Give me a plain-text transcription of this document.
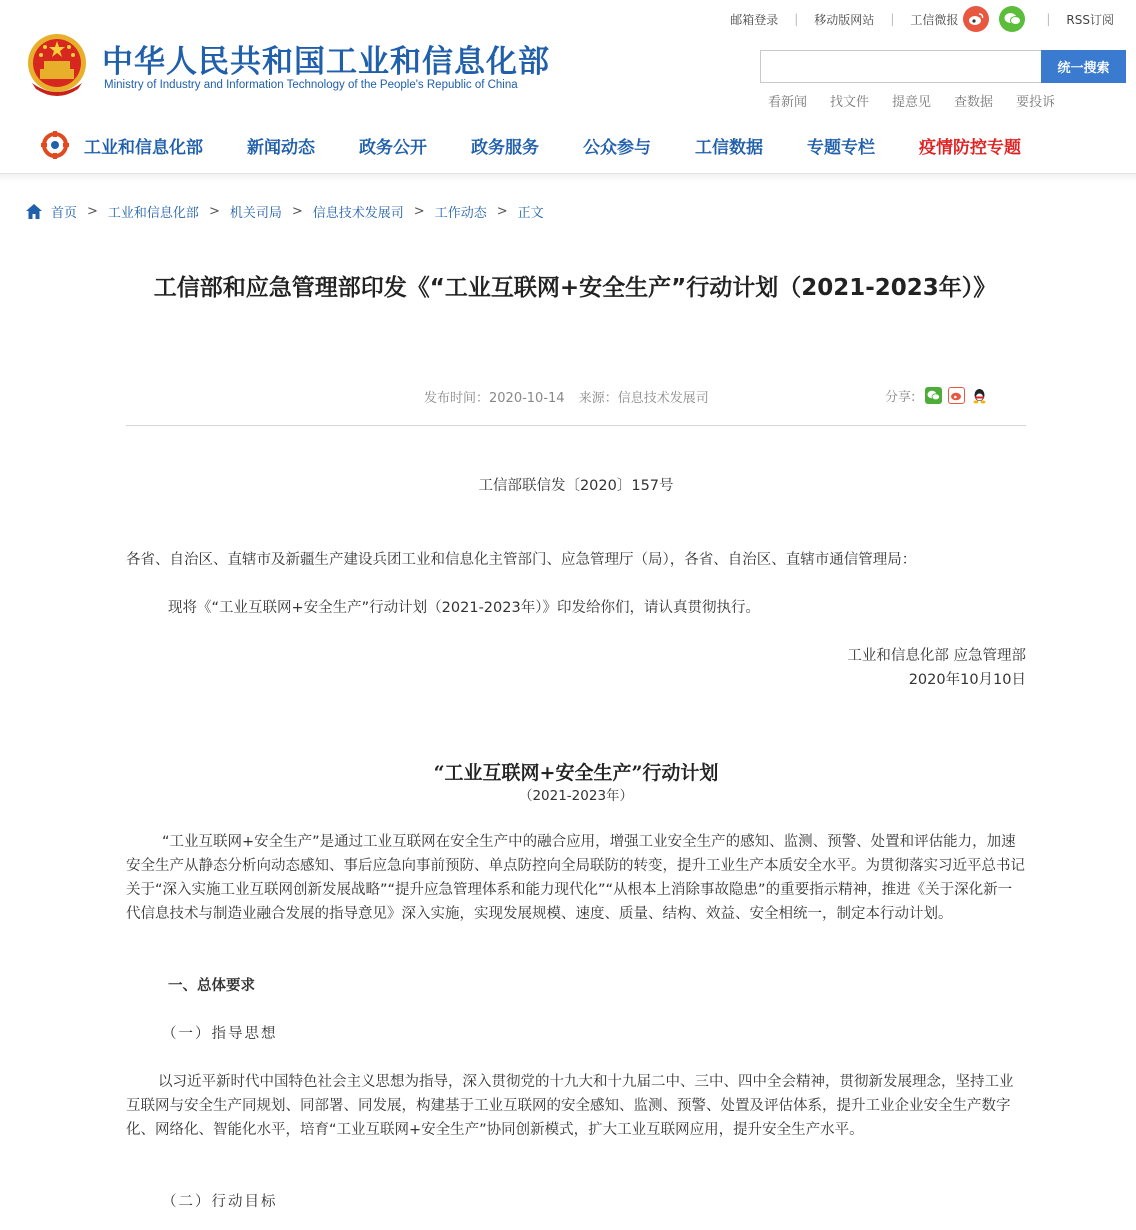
中华人民共和国工业和信息化部
Ministry of Industry and Information Technology of the People's Republic of China
邮箱登录 | 移动版网站 | 工信微报	| RSS订阅
统一搜索
看新闻 找文件 提意见 查数据 要投诉
工业和信息化部	新闻动态	政务公开	政务服务	公众参与	工信数据	专题专栏	疫情防控专题
首页 > 工业和信息化部 > 机关司局 > 信息技术发展司 > 工作动态 > 正文
工信部和应急管理部印发《“工业互联网+安全生产”行动计划（2021-2023年）》
发布时间：2020-10-14 来源：信息技术发展司	分享:
工信部联信发〔2020〕157号
各省、自治区、直辖市及新疆生产建设兵团工业和信息化主管部门、应急管理厅（局），各省、自治区、直辖市通信管理局：
现将《“工业互联网+安全生产”行动计划（2021-2023年）》印发给你们，请认真贯彻执行。
工业和信息化部 应急管理部
2020年10月10日
“工业互联网+安全生产”行动计划
（2021-2023年）
“工业互联网+安全生产”是通过工业互联网在安全生产中的融合应用，增强工业安全生产的感知、监测、预警、处置和评估能力，加速安全生产从静态分析向动态感知、事后应急向事前预防、单点防控向全局联防的转变，提升工业生产本质安全水平。为贯彻落实习近平总书记关于“深入实施工业互联网创新发展战略”“提升应急管理体系和能力现代化”“从根本上消除事故隐患”的重要指示精神，推进《关于深化新一代信息技术与制造业融合发展的指导意见》深入实施，实现发展规模、速度、质量、结构、效益、安全相统一，制定本行动计划。
一、总体要求
（一）指导思想
以习近平新时代中国特色社会主义思想为指导，深入贯彻党的十九大和十九届二中、三中、四中全会精神，贯彻新发展理念，坚持工业互联网与安全生产同规划、同部署、同发展，构建基于工业互联网的安全感知、监测、预警、处置及评估体系，提升工业企业安全生产数字化、网络化、智能化水平，培育“工业互联网+安全生产”协同创新模式，扩大工业互联网应用，提升安全生产水平。
（二）行动目标
